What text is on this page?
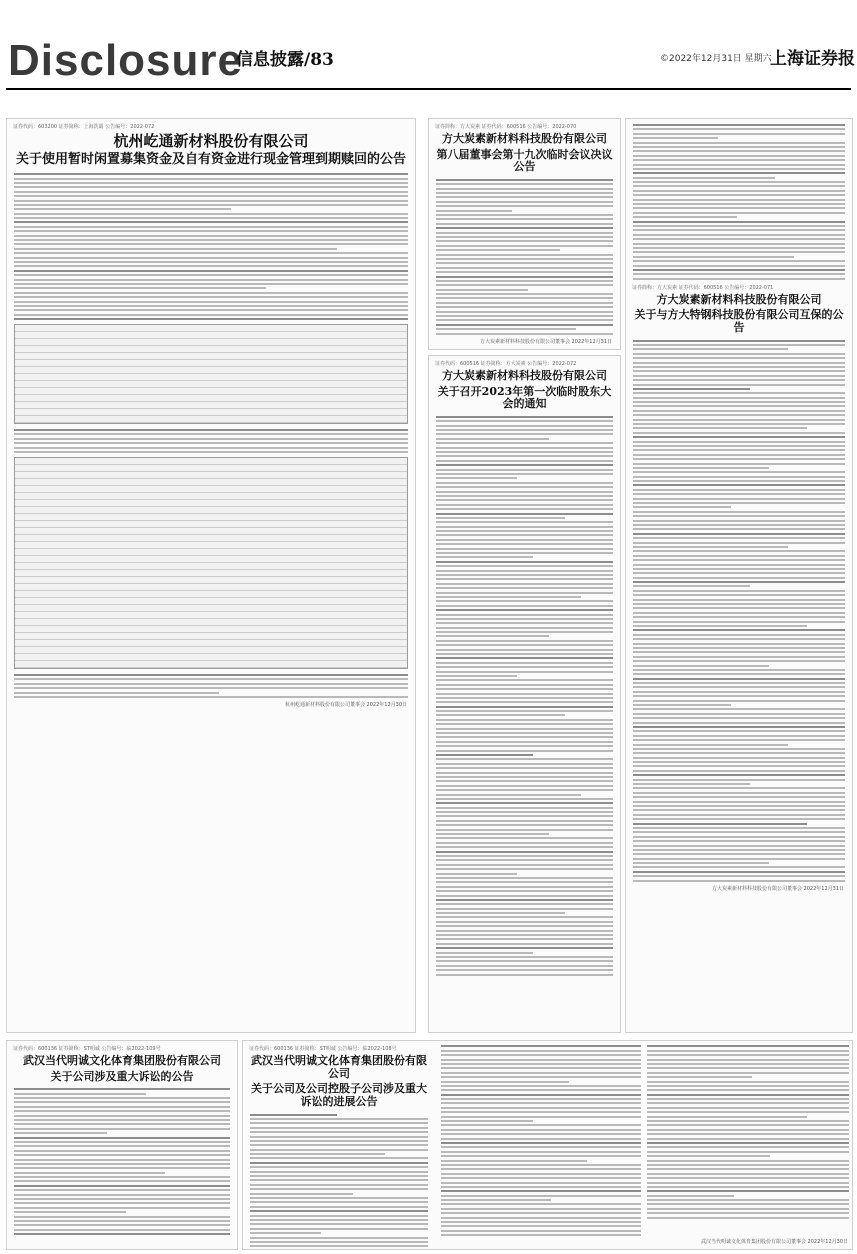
Disclosure
信息披露/83	©2022年12月31日 星期六
上海证券报
证券代码：603200 证券简称：上海洗霸 公告编号：2022-072
杭州屹通新材料股份有限公司
关于使用暂时闲置募集资金及自有资金进行现金管理到期赎回的公告
杭州屹通新材料股份有限公司董事会 2022年12月30日
证券简称：方大炭素 证券代码：600516 公告编号：2022-070
方大炭素新材料科技股份有限公司
第八届董事会第十九次临时会议决议公告
方大炭素新材料科技股份有限公司董事会 2022年12月31日
证券代码：600516 证券简称：方大炭素 公告编号：2022-072
方大炭素新材料科技股份有限公司
关于召开2023年第一次临时股东大会的通知
证券简称：方大炭素 证券代码：600516 公告编号：2022-071
方大炭素新材料科技股份有限公司
关于与方大特钢科技股份有限公司互保的公告
方大炭素新材料科技股份有限公司董事会 2022年12月31日
证券代码：600136 证券简称：ST明诚 公告编号：临2022-109号
武汉当代明诚文化体育集团股份有限公司
关于公司涉及重大诉讼的公告
证券代码：600136 证券简称：ST明诚 公告编号：临2022-108号
武汉当代明诚文化体育集团股份有限公司
关于公司及公司控股子公司涉及重大诉讼的进展公告
武汉当代明诚文化体育集团股份有限公司董事会 2022年12月30日
